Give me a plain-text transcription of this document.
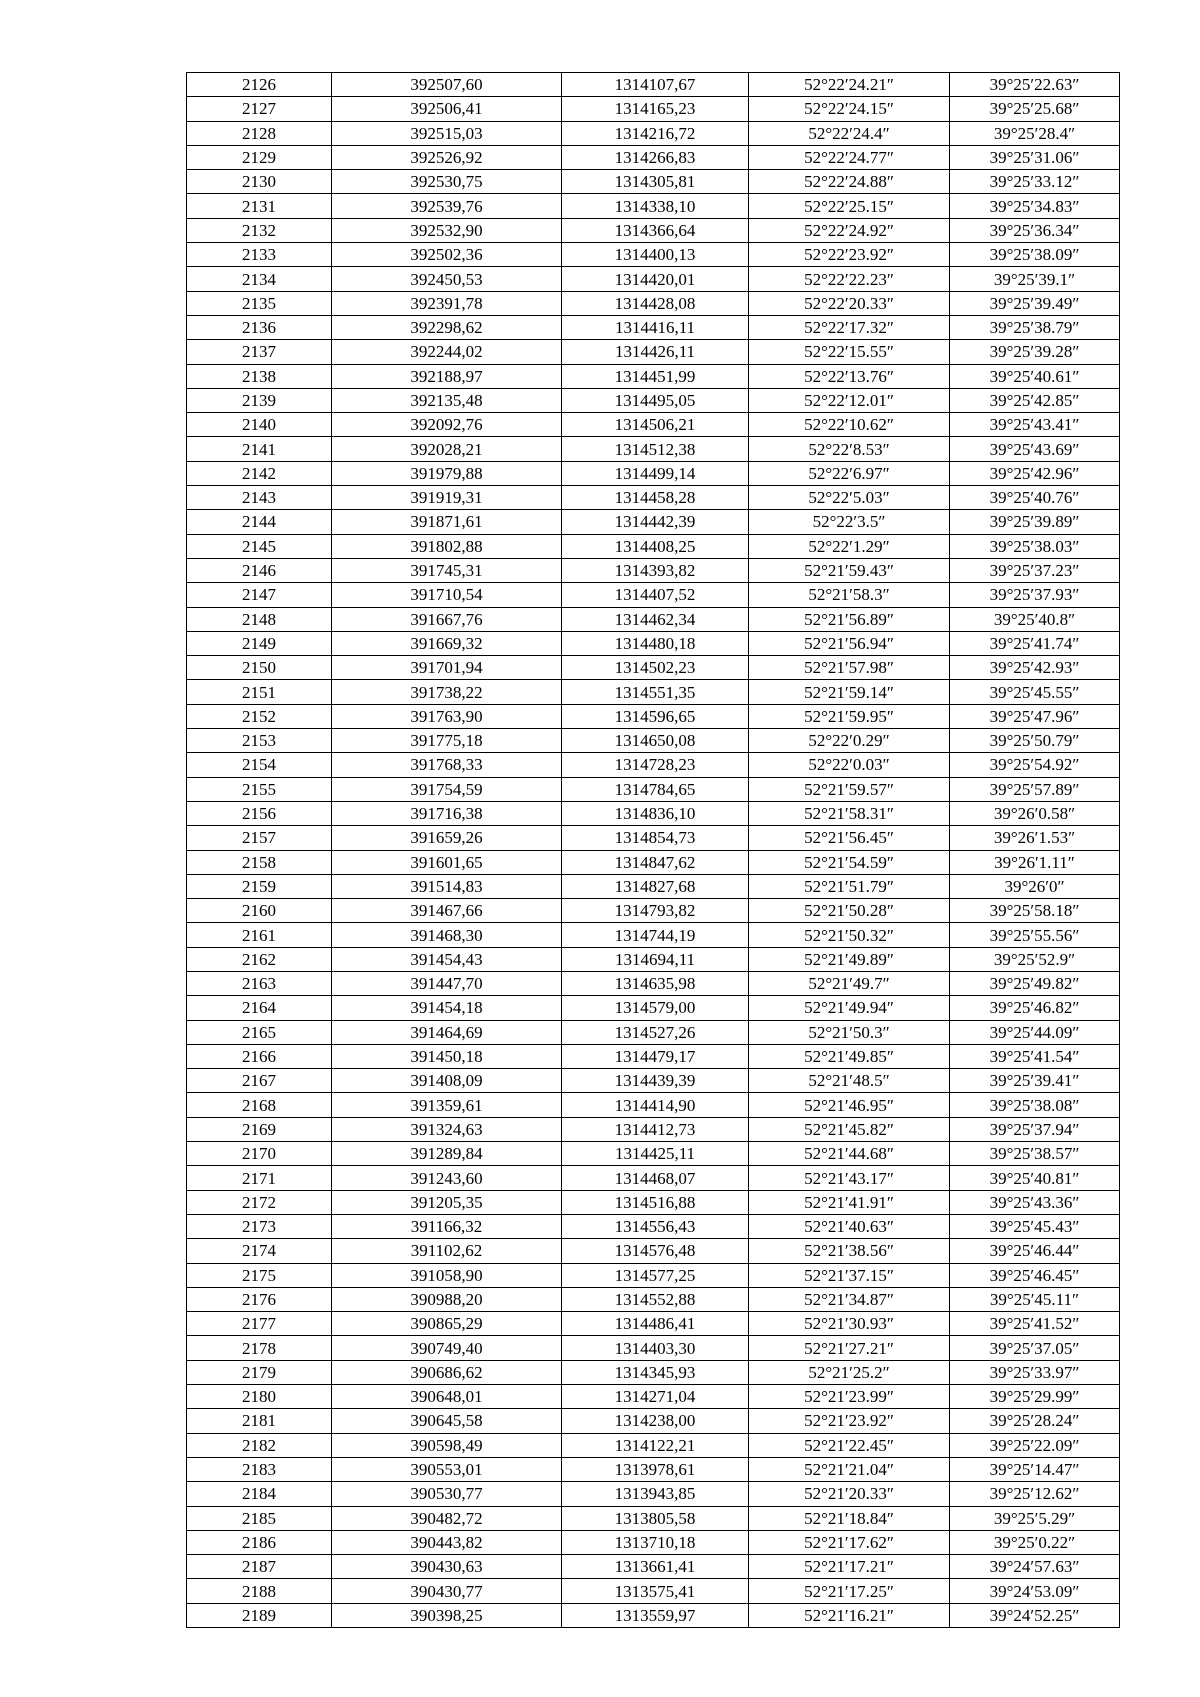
2126	392507,60	1314107,67	52°22′24.21″	39°25′22.63″
2127	392506,41	1314165,23	52°22′24.15″	39°25′25.68″
2128	392515,03	1314216,72	52°22′24.4″	39°25′28.4″
2129	392526,92	1314266,83	52°22′24.77″	39°25′31.06″
2130	392530,75	1314305,81	52°22′24.88″	39°25′33.12″
2131	392539,76	1314338,10	52°22′25.15″	39°25′34.83″
2132	392532,90	1314366,64	52°22′24.92″	39°25′36.34″
2133	392502,36	1314400,13	52°22′23.92″	39°25′38.09″
2134	392450,53	1314420,01	52°22′22.23″	39°25′39.1″
2135	392391,78	1314428,08	52°22′20.33″	39°25′39.49″
2136	392298,62	1314416,11	52°22′17.32″	39°25′38.79″
2137	392244,02	1314426,11	52°22′15.55″	39°25′39.28″
2138	392188,97	1314451,99	52°22′13.76″	39°25′40.61″
2139	392135,48	1314495,05	52°22′12.01″	39°25′42.85″
2140	392092,76	1314506,21	52°22′10.62″	39°25′43.41″
2141	392028,21	1314512,38	52°22′8.53″	39°25′43.69″
2142	391979,88	1314499,14	52°22′6.97″	39°25′42.96″
2143	391919,31	1314458,28	52°22′5.03″	39°25′40.76″
2144	391871,61	1314442,39	52°22′3.5″	39°25′39.89″
2145	391802,88	1314408,25	52°22′1.29″	39°25′38.03″
2146	391745,31	1314393,82	52°21′59.43″	39°25′37.23″
2147	391710,54	1314407,52	52°21′58.3″	39°25′37.93″
2148	391667,76	1314462,34	52°21′56.89″	39°25′40.8″
2149	391669,32	1314480,18	52°21′56.94″	39°25′41.74″
2150	391701,94	1314502,23	52°21′57.98″	39°25′42.93″
2151	391738,22	1314551,35	52°21′59.14″	39°25′45.55″
2152	391763,90	1314596,65	52°21′59.95″	39°25′47.96″
2153	391775,18	1314650,08	52°22′0.29″	39°25′50.79″
2154	391768,33	1314728,23	52°22′0.03″	39°25′54.92″
2155	391754,59	1314784,65	52°21′59.57″	39°25′57.89″
2156	391716,38	1314836,10	52°21′58.31″	39°26′0.58″
2157	391659,26	1314854,73	52°21′56.45″	39°26′1.53″
2158	391601,65	1314847,62	52°21′54.59″	39°26′1.11″
2159	391514,83	1314827,68	52°21′51.79″	39°26′0″
2160	391467,66	1314793,82	52°21′50.28″	39°25′58.18″
2161	391468,30	1314744,19	52°21′50.32″	39°25′55.56″
2162	391454,43	1314694,11	52°21′49.89″	39°25′52.9″
2163	391447,70	1314635,98	52°21′49.7″	39°25′49.82″
2164	391454,18	1314579,00	52°21′49.94″	39°25′46.82″
2165	391464,69	1314527,26	52°21′50.3″	39°25′44.09″
2166	391450,18	1314479,17	52°21′49.85″	39°25′41.54″
2167	391408,09	1314439,39	52°21′48.5″	39°25′39.41″
2168	391359,61	1314414,90	52°21′46.95″	39°25′38.08″
2169	391324,63	1314412,73	52°21′45.82″	39°25′37.94″
2170	391289,84	1314425,11	52°21′44.68″	39°25′38.57″
2171	391243,60	1314468,07	52°21′43.17″	39°25′40.81″
2172	391205,35	1314516,88	52°21′41.91″	39°25′43.36″
2173	391166,32	1314556,43	52°21′40.63″	39°25′45.43″
2174	391102,62	1314576,48	52°21′38.56″	39°25′46.44″
2175	391058,90	1314577,25	52°21′37.15″	39°25′46.45″
2176	390988,20	1314552,88	52°21′34.87″	39°25′45.11″
2177	390865,29	1314486,41	52°21′30.93″	39°25′41.52″
2178	390749,40	1314403,30	52°21′27.21″	39°25′37.05″
2179	390686,62	1314345,93	52°21′25.2″	39°25′33.97″
2180	390648,01	1314271,04	52°21′23.99″	39°25′29.99″
2181	390645,58	1314238,00	52°21′23.92″	39°25′28.24″
2182	390598,49	1314122,21	52°21′22.45″	39°25′22.09″
2183	390553,01	1313978,61	52°21′21.04″	39°25′14.47″
2184	390530,77	1313943,85	52°21′20.33″	39°25′12.62″
2185	390482,72	1313805,58	52°21′18.84″	39°25′5.29″
2186	390443,82	1313710,18	52°21′17.62″	39°25′0.22″
2187	390430,63	1313661,41	52°21′17.21″	39°24′57.63″
2188	390430,77	1313575,41	52°21′17.25″	39°24′53.09″
2189	390398,25	1313559,97	52°21′16.21″	39°24′52.25″
